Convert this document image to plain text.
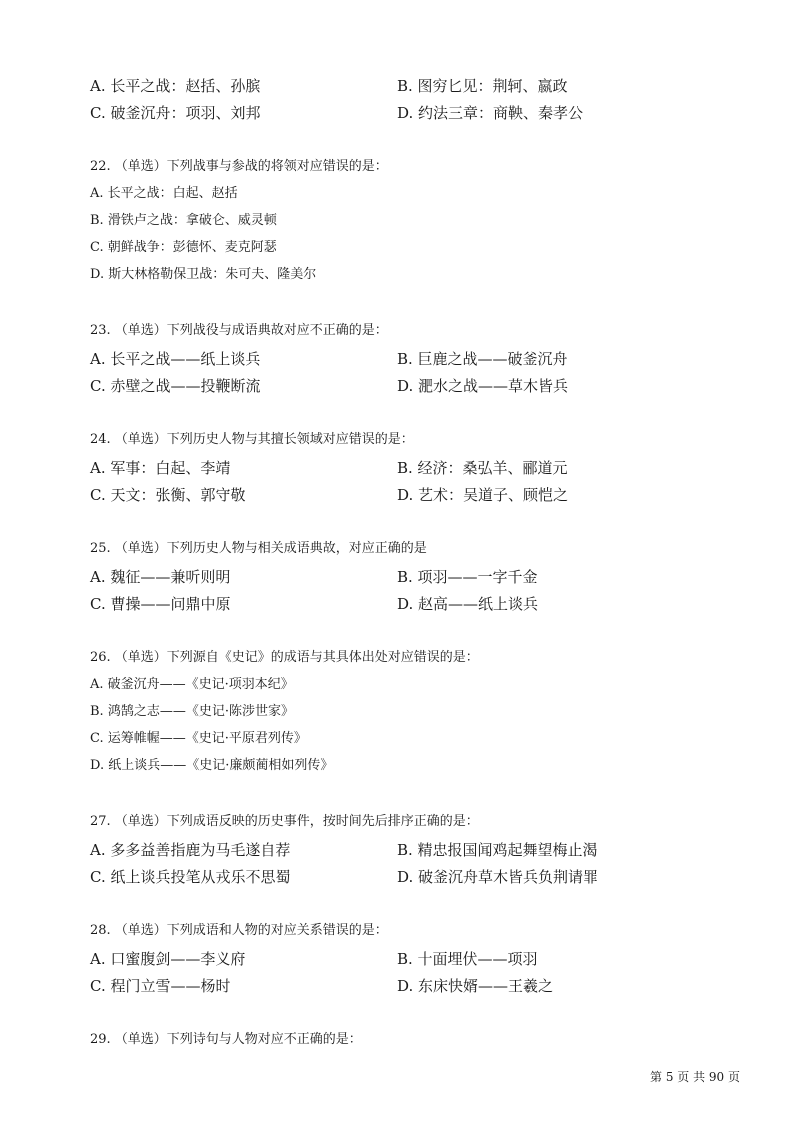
A. 长平之战：赵括、孙膑	B. 图穷匕见：荆轲、嬴政
C. 破釜沉舟：项羽、刘邦	D. 约法三章：商鞅、秦孝公
22. （单选）下列战事与参战的将领对应错误的是：
A. 长平之战：白起、赵括
B. 滑铁卢之战：拿破仑、威灵顿
C. 朝鲜战争：彭德怀、麦克阿瑟
D. 斯大林格勒保卫战：朱可夫、隆美尔
23. （单选）下列战役与成语典故对应不正确的是：
A. 长平之战——纸上谈兵	B. 巨鹿之战——破釜沉舟
C. 赤壁之战——投鞭断流	D. 淝水之战——草木皆兵
24. （单选）下列历史人物与其擅长领域对应错误的是：
A. 军事：白起、李靖	B. 经济：桑弘羊、郦道元
C. 天文：张衡、郭守敬	D. 艺术：吴道子、顾恺之
25. （单选）下列历史人物与相关成语典故，对应正确的是
A. 魏征——兼听则明	B. 项羽——一字千金
C. 曹操——问鼎中原	D. 赵高——纸上谈兵
26. （单选）下列源自《史记》的成语与其具体出处对应错误的是：
A. 破釜沉舟——《史记·项羽本纪》
B. 鸿鹄之志——《史记·陈涉世家》
C. 运筹帷幄——《史记·平原君列传》
D. 纸上谈兵——《史记·廉颇蔺相如列传》
27. （单选）下列成语反映的历史事件，按时间先后排序正确的是：
A. 多多益善指鹿为马毛遂自荐	B. 精忠报国闻鸡起舞望梅止渴
C. 纸上谈兵投笔从戎乐不思蜀	D. 破釜沉舟草木皆兵负荆请罪
28. （单选）下列成语和人物的对应关系错误的是：
A. 口蜜腹剑——李义府	B. 十面埋伏——项羽
C. 程门立雪——杨时	D. 东床快婿——王羲之
29. （单选）下列诗句与人物对应不正确的是：
第 5 页 共 90 页
